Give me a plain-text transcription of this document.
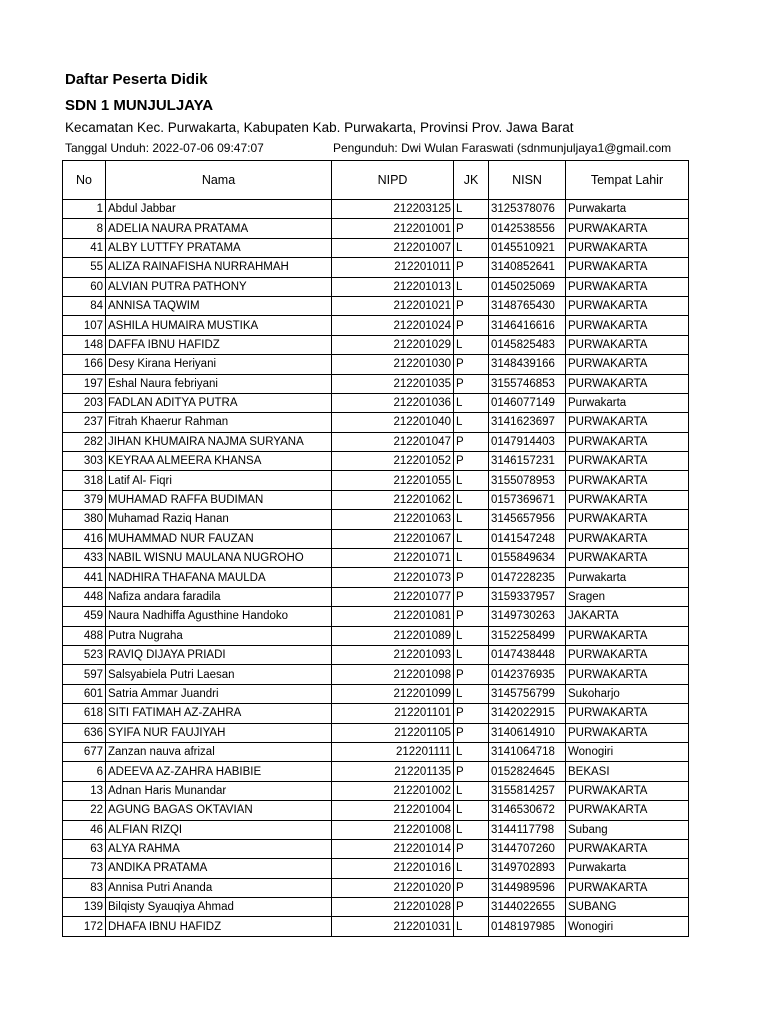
Daftar Peserta Didik
SDN 1 MUNJULJAYA
Kecamatan Kec. Purwakarta, Kabupaten Kab. Purwakarta, Provinsi Prov. Jawa Barat
Tanggal Unduh: 2022-07-06 09:47:07	Pengunduh: Dwi Wulan Faraswati (sdnmunjuljaya1@gmail.com
No	Nama	NIPD	JK	NISN	Tempat Lahir
1	Abdul Jabbar	212203125	L	3125378076	Purwakarta
8	ADELIA NAURA PRATAMA	212201001	P	0142538556	PURWAKARTA
41	ALBY LUTTFY PRATAMA	212201007	L	0145510921	PURWAKARTA
55	ALIZA RAINAFISHA NURRAHMAH	212201011	P	3140852641	PURWAKARTA
60	ALVIAN PUTRA PATHONY	212201013	L	0145025069	PURWAKARTA
84	ANNISA TAQWIM	212201021	P	3148765430	PURWAKARTA
107	ASHILA HUMAIRA MUSTIKA	212201024	P	3146416616	PURWAKARTA
148	DAFFA IBNU HAFIDZ	212201029	L	0145825483	PURWAKARTA
166	Desy Kirana Heriyani	212201030	P	3148439166	PURWAKARTA
197	Eshal Naura febriyani	212201035	P	3155746853	PURWAKARTA
203	FADLAN ADITYA PUTRA	212201036	L	0146077149	Purwakarta
237	Fitrah Khaerur Rahman	212201040	L	3141623697	PURWAKARTA
282	JIHAN KHUMAIRA NAJMA SURYANA	212201047	P	0147914403	PURWAKARTA
303	KEYRAA ALMEERA KHANSA	212201052	P	3146157231	PURWAKARTA
318	Latif Al- Fiqri	212201055	L	3155078953	PURWAKARTA
379	MUHAMAD RAFFA BUDIMAN	212201062	L	0157369671	PURWAKARTA
380	Muhamad Raziq Hanan	212201063	L	3145657956	PURWAKARTA
416	MUHAMMAD NUR FAUZAN	212201067	L	0141547248	PURWAKARTA
433	NABIL WISNU MAULANA NUGROHO	212201071	L	0155849634	PURWAKARTA
441	NADHIRA THAFANA MAULDA	212201073	P	0147228235	Purwakarta
448	Nafiza andara faradila	212201077	P	3159337957	Sragen
459	Naura Nadhiffa Agusthine Handoko	212201081	P	3149730263	JAKARTA
488	Putra Nugraha	212201089	L	3152258499	PURWAKARTA
523	RAVIQ DIJAYA PRIADI	212201093	L	0147438448	PURWAKARTA
597	Salsyabiela Putri Laesan	212201098	P	0142376935	PURWAKARTA
601	Satria Ammar Juandri	212201099	L	3145756799	Sukoharjo
618	SITI FATIMAH AZ-ZAHRA	212201101	P	3142022915	PURWAKARTA
636	SYIFA NUR FAUJIYAH	212201105	P	3140614910	PURWAKARTA
677	Zanzan nauva afrizal	212201111	L	3141064718	Wonogiri
6	ADEEVA AZ-ZAHRA HABIBIE	212201135	P	0152824645	BEKASI
13	Adnan Haris Munandar	212201002	L	3155814257	PURWAKARTA
22	AGUNG BAGAS OKTAVIAN	212201004	L	3146530672	PURWAKARTA
46	ALFIAN RIZQI	212201008	L	3144117798	Subang
63	ALYA RAHMA	212201014	P	3144707260	PURWAKARTA
73	ANDIKA PRATAMA	212201016	L	3149702893	Purwakarta
83	Annisa Putri Ananda	212201020	P	3144989596	PURWAKARTA
139	Bilqisty Syauqiya Ahmad	212201028	P	3144022655	SUBANG
172	DHAFA IBNU HAFIDZ	212201031	L	0148197985	Wonogiri
